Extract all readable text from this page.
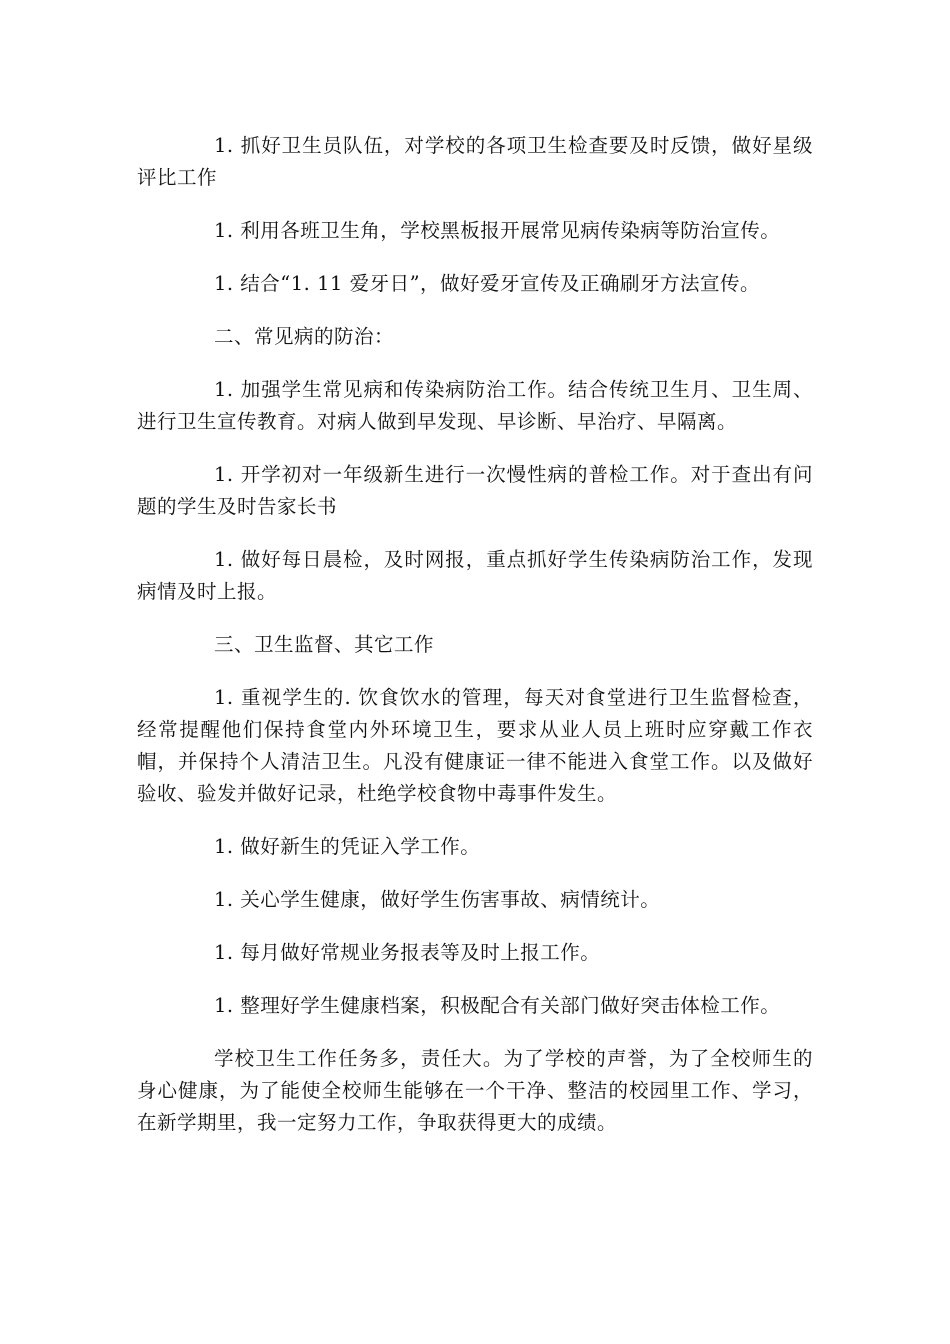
1. 抓好卫生员队伍，对学校的各项卫生检查要及时反馈，做好星级评比工作

1. 利用各班卫生角，学校黑板报开展常见病传染病等防治宣传。

1. 结合“1. 11 爱牙日”，做好爱牙宣传及正确刷牙方法宣传。

二、常见病的防治：

1. 加强学生常见病和传染病防治工作。结合传统卫生月、卫生周、进行卫生宣传教育。对病人做到早发现、早诊断、早治疗、早隔离。

1. 开学初对一年级新生进行一次慢性病的普检工作。对于查出有问题的学生及时告家长书

1. 做好每日晨检，及时网报，重点抓好学生传染病防治工作，发现病情及时上报。

三、卫生监督、其它工作

1. 重视学生的. 饮食饮水的管理，每天对食堂进行卫生监督检查，经常提醒他们保持食堂内外环境卫生，要求从业人员上班时应穿戴工作衣帽，并保持个人清洁卫生。凡没有健康证一律不能进入食堂工作。以及做好验收、验发并做好记录，杜绝学校食物中毒事件发生。

1. 做好新生的凭证入学工作。

1. 关心学生健康，做好学生伤害事故、病情统计。

1. 每月做好常规业务报表等及时上报工作。

1. 整理好学生健康档案，积极配合有关部门做好突击体检工作。

学校卫生工作任务多，责任大。为了学校的声誉，为了全校师生的身心健康，为了能使全校师生能够在一个干净、整洁的校园里工作、学习，在新学期里，我一定努力工作，争取获得更大的成绩。
